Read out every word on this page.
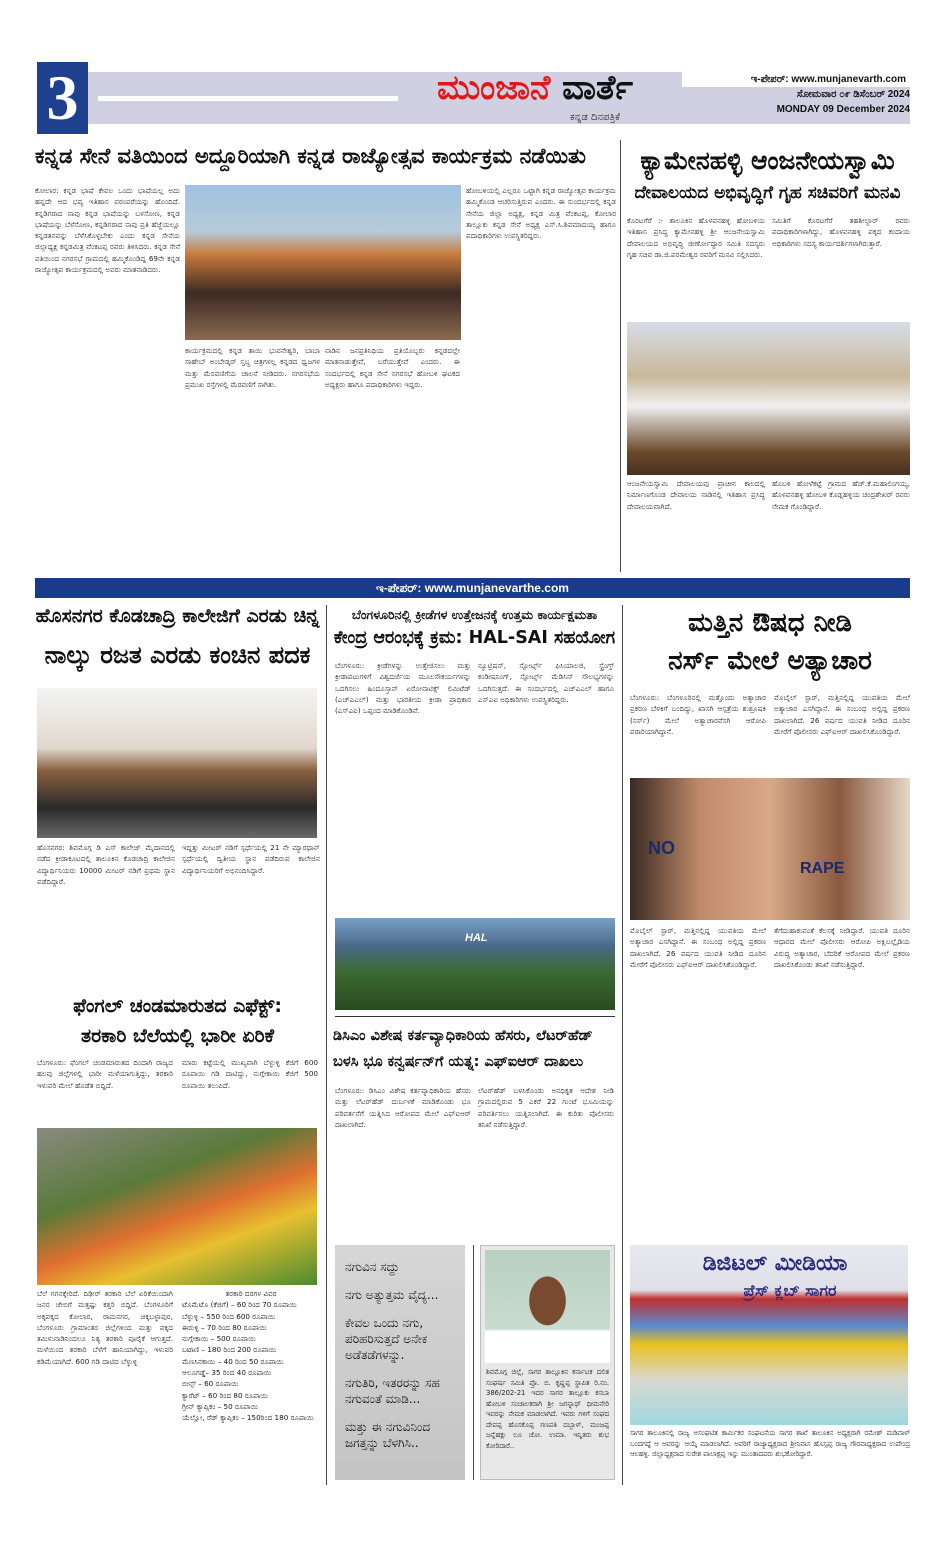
3	ಮುಂಜಾನೆ ವಾರ್ತೆ
ಕನ್ನಡ ದಿನಪತ್ರಿಕೆ
ಇ-ಪೇಪರ್: www.munjanevarth.com
ಸೋಮವಾರ ೦೯ ಡಿಸೆಂಬರ್ 2024
MONDAY 09 December 2024
ಕನ್ನಡ ಸೇನೆ ವತಿಯಿಂದ ಅದ್ದೂರಿಯಾಗಿ ಕನ್ನಡ ರಾಜ್ಯೋತ್ಸವ ಕಾರ್ಯಕ್ರಮ ನಡೆಯಿತು
ಕೋಲಾರ: ಕನ್ನಡ ಭಾಷೆ ಕೇವಲ ಒಂದು ಭಾಷೆಯಲ್ಲ ಅದು ಹನ್ನದೇ ಆದ ಭವ್ಯ ಇತಿಹಾಸ ಪರಂಪರೆಯನ್ನು ಹೊಂದಿದೆ. ಕನ್ನಡಿಗರಾದ ನಾವು ಕನ್ನಡ ಭಾಷೆಯನ್ನು ಬಳಸೋಣ, ಕನ್ನಡ ಭಾಷೆಯನ್ನು ಬೆಳೆಸೋಣ, ಕನ್ನಡಿಗರಾದ ನಾವು ಪ್ರತಿ ಹೆಜ್ಜೆಯಲ್ಲೂ ಕನ್ನಡತನವನ್ನು ಬೆಳೆಸಿಕೊಳ್ಳಬೇಕು ಎಂದು ಕನ್ನಡ ಸೇನೆಯ ಜಿಲ್ಲಾಧ್ಯಕ್ಷ ಕನ್ನಡಮಿತ್ರ ವೆಂಕಟಪ್ಪ ರವರು ತಿಳಿಸಿದರು. ಕನ್ನಡ ಸೇನೆ ವತಿಯಿಂದ ನಗರಸಭೆ ಗ್ರಾಮದಲ್ಲಿ ಹಮ್ಮಿಕೊಂಡಿದ್ದ 69ನೇ ಕನ್ನಡ ರಾಜ್ಯೋತ್ಸವ ಕಾರ್ಯಕ್ರಮದಲ್ಲಿ ಅವರು ಮಾತನಾಡಿದರು.
ಕಾರ್ಯಕ್ರಮದಲ್ಲಿ ಕನ್ನಡ ತಾಯಿ ಭುವನೇಶ್ವರಿ, ಬಾಬಾ ಸಾಹೇಬ್ ಅಂಬೇಡ್ಕರ್ ಸ್ತಬ್ಧ ಚಿತ್ರಗಳಲ್ಲ ಕನ್ನಡದ ಧ್ವಜಗಳ ಮತ್ತು ಮೆರವಣಿಗೆಯ ಚಾಲನೆ ನೀಡಿದರು. ನಗರಸಭೆಯ ಪ್ರಮುಖ ರಸ್ತೆಗಳಲ್ಲಿ ಮೆರವಣಿಗೆ ಸಾಗಿತು.
ನಾಡಿನ ಜನಪ್ರತಿನಿಧಿಯ ಪ್ರತಿಯೊಬ್ಬರು ಕನ್ನಡದಲ್ಲೇ ಮಾತನಾಡುತ್ತೇವೆ, ಬರೆಯುತ್ತೇವೆ ಎಂದರು. ಈ ಸಂದರ್ಭದಲ್ಲಿ ಕನ್ನಡ ಸೇನೆ ನಗರಸಭೆ ಹೋಬಳಿ ಘಟಕದ ಅಧ್ಯಕ್ಷರು ಹಾಗೂ ಪದಾಧಿಕಾರಿಗಳು ಇದ್ದರು.
ಹೋಬಳಿಯಲ್ಲಿ ಎಲ್ಲರೂ ಒಟ್ಟಾಗಿ ಕನ್ನಡ ರಾಜ್ಯೋತ್ಸವ ಕಾರ್ಯಕ್ರಮ ಹಮ್ಮಿಕೊಂಡ ಆಚರಿಸುತ್ತಿರುವ ಎಂದರು. ಈ ಸುಂದರ್ಭದಲ್ಲಿ ಕನ್ನಡ ಸೇನೆಯ ಜಿಲ್ಲಾ ಅಧ್ಯಕ್ಷ, ಕನ್ನಡ ಮಿತ್ರ ವೆಂಕಟಪ್ಪ, ಕೋಲಾರ ತಾಲ್ಲೂಕು ಕನ್ನಡ ಸೇನೆ ಅಧ್ಯಕ್ಷ ಎಸ್.ಸಿ.ಶಿವಮಾದಯ್ಯ ಹಾಗೂ ಪದಾಧಿಕಾರಿಗಳು ಉಪಸ್ಥಿತರಿದ್ದರು.
ಕ್ಯಾಮೇನಹಳ್ಳಿ ಆಂಜನೇಯಸ್ವಾಮಿ
ದೇವಾಲಯದ ಅಭಿವೃದ್ಧಿಗೆ ಗೃಹ ಸಚಿವರಿಗೆ ಮನವಿ
ಕೊರಟಗೆರೆ :- ತಾಲೂಕಿನ ಹೊಳವನಹಳ್ಳಿ ಹೋಬಳಿಯ ಇತಿಹಾಸ ಪ್ರಸಿದ್ಧ ಕ್ಯಾಮೇನಹಳ್ಳಿ ಶ್ರೀ ಆಂಜನೇಯಸ್ವಾಮಿ ದೇವಾಲಯದ ಅಭಿವೃದ್ಧಿ ಜೀರ್ಣೋದ್ಧಾರ ಸಮಿತಿ ಸದಸ್ಯರು ಗೃಹ ಸಚಿವ ಡಾ.ಜಿ.ಪರಮೇಶ್ವರ ರವರಿಗೆ ಮನವಿ ಸಲ್ಲಿಸಿದರು.
ಸಮಿತಿಗೆ ಕೊರಟಗೆರೆ ತಹಶೀಲ್ದಾರ್ ರವರು ಪದಾಧಿಕಾರಿಗಳಾಗಿದ್ದು, ಹೊಳವನಹಳ್ಳಿ ಪಕ್ಕದ ಕಂದಾಯ ಅಧಿಕಾರಿಗಳು ಸದಸ್ಯ ಕಾರ್ಯದರ್ಶಿಗಳಾಗಿರುತ್ತಾರೆ.
ಆಂಜನೇಯಸ್ವಾಮಿ ದೇವಾಲಯವು ಪ್ರಾಚೀನ ಕಾಲದಲ್ಲಿ ನಿರ್ಮಾಣಗೊಂಡ ದೇವಾಲಯ ನಾಡಿನಲ್ಲಿ ಇತಿಹಾಸ ಪ್ರಸಿದ್ಧ ದೇವಾಲಯವಾಗಿದೆ.
ಹೊಬಳಿ ಹೋಳೆಕಟ್ಟೆ ಗ್ರಾಮದ ಹೆಚ್.ಕೆ.ಮಹಾಲಿಂಗಯ್ಯ, ಹೊಳವನಹಳ್ಳಿ ಹೋಬಳಿ ಕೊಡ್ಲಹಳ್ಳಿಯ ಚಂದ್ರಶೇಖರ್ ರವರು ನೇಮಕ ಗೊಂಡಿದ್ದಾರೆ.
ಇ-ಪೇಪರ್: www.munjanevarthe.com
ಹೊಸನಗರ ಕೊಡಚಾದ್ರಿ ಕಾಲೇಜಿಗೆ ಎರಡು ಚಿನ್ನ
ನಾಲ್ಕು ರಜತ ಎರಡು ಕಂಚಿನ ಪದಕ
ಹೊಸನಗರ: ಶಿವಮೊಗ್ಗ ಡಿ ಎಸ್ ಕಾಲೇಜ್ ಮೈದಾನದಲ್ಲಿ ನಡೆದ ಕ್ರೀಡಾಕೂಟದಲ್ಲಿ ತಾಲೂಕಿನ ಕೊಡಚಾದ್ರಿ ಕಾಲೇಜಿನ ವಿದ್ಯಾರ್ಥಿನಿಯರು 10000 ಮೀಟರ್ ನಡಿಗೆ ಪ್ರಥಮ ಸ್ಥಾನ ಪಡೆದಿದ್ದಾರೆ.
ಇದ್ದತ್ತು ಮೀಟರ್ ನಡಿಗೆ ಸ್ಪರ್ಧೆಯಲ್ಲಿ 21 ನೇ ಮ್ಯಾರಥಾನ್ ಸ್ಪರ್ಧೆಯಲ್ಲಿ ದ್ವಿತೀಯ ಸ್ಥಾನ ಪಡೆದಿರುವ ಕಾಲೇಜಿನ ವಿದ್ಯಾರ್ಥಿನಿಯರಿಗೆ ಅಭಿನಂದಿಸಿದ್ದಾರೆ.
ಬೆಂಗಳೂರಿನಲ್ಲಿ ಕ್ರೀಡೆಗಳ ಉತ್ತೇಜನಕ್ಕೆ ಉತ್ತಮ ಕಾರ್ಯಕ್ಷಮತಾ
ಕೇಂದ್ರ ಆರಂಭಕ್ಕೆ ಕ್ರಮ: HAL-SAI ಸಹಯೋಗ
ಬೆಂಗಳೂರು: ಕ್ರೀಡೆಗಳನ್ನು ಉತ್ತೇಜಿಸಲು ಮತ್ತು ಕ್ರೀಡಾಪಟುಗಳಿಗೆ ವಿಶ್ವದರ್ಜೆಯ ಮೂಲಸೌಕರ್ಯಗಳನ್ನು ಒದಗಿಸಲು ಹಿಂದೂಸ್ತಾನ್ ಏರೋನಾಟಿಕ್ಸ್ ಲಿಮಿಟೆಡ್ (ಎಚ್‌ಎಎಲ್) ಮತ್ತು ಭಾರತೀಯ ಕ್ರೀಡಾ ಪ್ರಾಧಿಕಾರ (ಎಸ್‌ಎಐ) ಒಪ್ಪಂದ ಮಾಡಿಕೊಂಡಿವೆ.
ನ್ಯೂಟ್ರಿಷನ್, ಸ್ಪೋರ್ಟ್ಸ್ ಫಿಸಿಯಾಲಜಿ, ಸ್ಟ್ರೆಂಗ್ತ್ ಕಂಡೀಷನಿಂಗ್, ಸ್ಪೋರ್ಟ್ಸ್ ಮೆಡಿಸಿನ್ ಸೌಲಭ್ಯಗಳನ್ನು ಒದಗಿಸುತ್ತದೆ. ಈ ಸಂದರ್ಭದಲ್ಲಿ ಎಚ್‌ಎಎಲ್ ಹಾಗೂ ಎಸ್‌ಎಐ ಅಧಿಕಾರಿಗಳು ಉಪಸ್ಥಿತರಿದ್ದರು.
HAL
ಡಿಸಿಎಂ ವಿಶೇಷ ಕರ್ತವ್ಯಾಧಿಕಾರಿಯ ಹೆಸರು, ಲೆಟರ್‌ಹೆಡ್
ಬಳಸಿ ಭೂ ಕನ್ವರ್ಷನ್‌ಗೆ ಯತ್ನ: ಎಫ್‌ಐಆರ್ ದಾಖಲು
ಬೆಂಗಳೂರು: ಡಿಸಿಎಂ ವಿಶೇಷ ಕರ್ತವ್ಯಾಧಿಕಾರಿಯ ಹೆಸರು ಮತ್ತು ಲೆಟರ್‌ಹೆಡ್ ದುರ್ಬಳಕೆ ಮಾಡಿಕೊಂಡು ಭೂ ಪರಿವರ್ತನೆಗೆ ಯತ್ನಿಸಿದ ಆರೋಪದ ಮೇಲೆ ಎಫ್‌ಐಆರ್ ದಾಖಲಾಗಿದೆ.
ಲೆಟರ್‌ಹೆಡ್ ಬಳಸಿಕೊಂಡು ಅನಧಿಕೃತ ಆದೇಶ ನೀಡಿ ಗ್ರಾಮದಲ್ಲಿರುವ 5 ಎಕರೆ 22 ಗುಂಟೆ ಭೂಮಿಯನ್ನು ಪರಿವರ್ತಿಸಲು ಯತ್ನಿಸಲಾಗಿದೆ. ಈ ಕುರಿತು ಪೊಲೀಸರು ತನಿಖೆ ನಡೆಸುತ್ತಿದ್ದಾರೆ.

ನಗುವಿನ ಸದ್ದು

ನಗು ಅತ್ಯುತ್ತಮ ವೈದ್ಯ...

ಕೇವಲ ಒಂದು ನಗು, ಪರಿಹರಿಸುತ್ತದೆ ಅನೇಕ ಅಡೆತಡೆಗಳನ್ನು.

ನಗುತಿರಿ, ಇತರರನ್ನು ಸಹ ನಗುವಂತೆ ಮಾಡಿ...

ಮತ್ತು ಈ ನಗುವಿನಿಂದ ಜಗತ್ತನ್ನು ಬೆಳಗಿಸಿ..

ಶಿವಮೊಗ್ಗ ಜಿಲ್ಲೆ, ಸಾಗರ ತಾಲ್ಲೂಕಿನ ಕರ್ನಾಟಕ ದಲಿತ ಸಂಘರ್ಷ ಸಮಿತಿ ಪ್ರೊ. ಬಿ. ಕೃಷ್ಣಪ್ಪ ಸ್ಥಾಪಿತ ರಿ.ನಂ. 386/202-21 ಇದರ ಸಾಗರ ತಾಲ್ಲೂಕು ಕಸಬಾ ಹೋಬಳಿ ಸಂಚಾಲಕರಾಗಿ ಶ್ರೀ ಜಗನ್ನಾಥ್ ಧೀಮನೇರಿ ಇವರನ್ನು ನೇಮಕ ಮಾಡಲಾಗಿದೆ. ಇವರು ಗಳಿಗೆ ಸಂಘದ ದೇವಪ್ಪ ಹೊಸಕೊಪ್ಪ ಗಣಪತಿ ದಬ್ಬಾಳ್, ಮಂಜಪ್ಪ ಜನ್ನೆಹಕ್ಲು ಲೂ ಚೋ. ಉಮಾ. ಇನ್ನಿತರು ಶುಭ ಕೋರಿದಾರೆ..
ಮತ್ತಿನ ಔಷಧ ನೀಡಿ
ನರ್ಸ್ ಮೇಲೆ ಅತ್ಯಾಚಾರ
ಬೆಂಗಳೂರು: ಬೆಂಗಳೂರಿನಲ್ಲಿ ಮತ್ತೊಂದು ಅತ್ಯಾಚಾರ ಪ್ರಕರಣ ಬೆಳಕಿಗೆ ಬಂದಿದ್ದು, ಖಾಸಗಿ ಆಸ್ಪತ್ರೆಯ ಶುಶ್ರೂಷಕಿ (ನರ್ಸ್) ಮೇಲೆ ಅತ್ಯಾಚಾರವೆಸಗಿ ಆರೋಪಿ ಪರಾರಿಯಾಗಿದ್ದಾನೆ.
ಮೊಬೈಲ್ ಸ್ಟಾರ್, ಮತ್ತಿನಲ್ಲಿದ್ದ ಯುವತಿಯ ಮೇಲೆ ಅತ್ಯಾಚಾರ ಎಸಗಿದ್ದಾನೆ. ಈ ಸಂಬಂಧ ಅಲ್ಲಿದ್ದ ಪ್ರಕರಣ ದಾಖಲಾಗಿದೆ. 26 ವರ್ಷದ ಯುವತಿ ನೀಡಿದ ದೂರಿನ ಮೇರೆಗೆ ಪೊಲೀಸರು ಎಫ್‌ಐಆರ್ ದಾಖಲಿಸಿಕೊಂಡಿದ್ದಾರೆ.
NO
RAPE
ಮೊಬೈಲ್ ಸ್ಟಾರ್, ಮತ್ತಿನಲ್ಲಿದ್ದ ಯುವತಿಯ ಮೇಲೆ ಅತ್ಯಾಚಾರ ಎಸಗಿದ್ದಾನೆ. ಈ ಸಂಬಂಧ ಅಲ್ಲಿದ್ದ ಪ್ರಕರಣ ದಾಖಲಾಗಿದೆ. 26 ವರ್ಷದ ಯುವತಿ ನೀಡಿದ ದೂರಿನ ಮೇರೆಗೆ ಪೊಲೀಸರು ಎಫ್‌ಐಆರ್ ದಾಖಲಿಸಿಕೊಂಡಿದ್ದಾರೆ.
ತೆಗೆದುಹಾಕುವಂತೆ ಕೆಲಸಕ್ಕೆ ನೀಡಿದ್ದಾರೆ. ಯುವತಿ ದೂರಿನ ಆಧಾರದ ಮೇಲೆ ಪೊಲೀಸರು ಆರೋಪಿ ಅಕ್ಷಿಬಲ್ಲೈಡಿಯ ವಿರುದ್ಧ ಅತ್ಯಾಚಾರ, ಬೆದರಿಕೆ ಆರೋಪದ ಮೇಲೆ ಪ್ರಕರಣ ದಾಖಲಿಸಿಕೊಂಡು ತನಿಖೆ ನಡೆಸುತ್ತಿದ್ದಾರೆ.
ಡಿಜಿಟಲ್ ಮೀಡಿಯಾ
ಪ್ರೆಸ್ ಕ್ಲಬ್ ಸಾಗರ
ಸಾಗರ ತಾಲೂಕಿನಲ್ಲಿ ರಾಜ್ಯ ಅಸಂಘಟಿತ ಕಾರ್ಮಿಕರ ಸಂಘಟನೆಯ ಸಾಗರ ಶಾಖೆ ತಾಲೂಕಿನ ಅಧ್ಯಕ್ಷರಾಗಿ ರಮೇಶ್ ಮಡಿವಾಳ್ ಬಂದಗದ್ದೆ ಆ ಅವರನ್ನು ಆಯ್ಕೆ ಮಾಡಲಾಗಿದೆ. ಅವರಿಗೆ ರಾಜ್ಯಾಧ್ಯಕ್ಷರಾದ ಶ್ರೀನಿವಾಸ ಹೊಸ್ಸಪ್ಪ ರಾಜ್ಯ ಗೌರವಾಧ್ಯಕ್ಷರಾದ ಉಪೇಂದ್ರ ಆಲಹಳ್ಳಿ. ಜಿಲ್ಲಾಧ್ಯಕ್ಷರಾದ ಸುರೇಶ ಪಾಲಾಕ್ಷಪ್ಪ ಇನ್ನು ಮುಂತಾದವರು ಶುಭಕೋರಿದ್ದಾರೆ.
ಫೆಂಗಲ್ ಚಂಡಮಾರುತದ ಎಫೆಕ್ಟ್:
ತರಕಾರಿ ಬೆಲೆಯಲ್ಲಿ ಭಾರೀ ಏರಿಕೆ
ಬೆಂಗಳೂರು: ಫೆಂಗಲ್ ಚಂಡಮಾರುತದ ದಿಂದಾಗಿ ರಾಜ್ಯದ ಹಲವು ಜಿಲ್ಲೆಗಳಲ್ಲಿ ಭಾರೀ ಮಳೆಯಾಗುತ್ತಿದ್ದು, ತರಕಾರಿ ಇಳುವರಿ ಮೇಲೆ ಹೊಡೆತ ಬಿದ್ದಿದೆ.
ಮಾರು ಕಟ್ಟೆಯಲ್ಲಿ ಮುಖ್ಯವಾಗಿ ಬೆಳ್ಳುಳ್ಳಿ ಕೆಜಿಗೆ 600 ರೂಪಾಯಿ ಗಡಿ ದಾಟಿದ್ದು, ನುಗ್ಗೇಕಾಯಿ ಕೆಜಿಗೆ 500 ರೂಪಾಯಿ ತಲುಪಿದೆ.
ಬೆಲೆ ಗಗನಕ್ಕೇರಿದೆ. ದಿಢೀರ್ ತರಕಾರಿ ಬೆಲೆ ಏರಿಕೆಯಿಂದಾಗಿ ಜನರ ಜೇಬಿಗೆ ಮತ್ತಷ್ಟು ಕತ್ತರಿ ಬಿದ್ದಿದೆ. ಬೆಂಗಳೂರಿಗೆ ಅಕ್ಕಪಕ್ಕದ ಕೋಲಾರ, ರಾಮನಗರ, ಚಿಕ್ಕಬಳ್ಳಾಪುರ, ಬೆಂಗಳೂರು ಗ್ರಾಮಾಂತರ ಜಿಲ್ಲೆಗಳಿಂದ ಮತ್ತು ಪಕ್ಕದ ತಮಿಳುನಾಡಿನಿಂದಲೂ ನಿತ್ಯ ತರಕಾರಿ ಪೂರೈಕೆ ಆಗುತ್ತದೆ. ಮಳೆಯಿಂದ ತರಕಾರಿ ಬೆಳೆಗೆ ಹಾನಿಯಾಗಿದ್ದು, ಇಳುವರಿ ಕಡಿಮೆಯಾಗಿದೆ. 600 ಗಡಿ ದಾಟಿದ ಬೆಳ್ಳುಳ್ಳಿ
ತರಕಾರಿ ದರಗಳ ವಿವರ
ಟೊಮೆಟೊ (ಕೆಜಿಗೆ) – 60 ರಿಂದ 70 ರೂಪಾಯಿ
ಬೆಳ್ಳುಳ್ಳಿ – 550 ರಿಂದ 600 ರೂಪಾಯಿ
ಈರುಳ್ಳಿ – 70 ರಿಂದ 80 ರೂಪಾಯಿ
ನುಗ್ಗೇಕಾಯಿ – 500 ರೂಪಾಯಿ
ಬಟಾಣಿ – 180 ರಿಂದ 200 ರೂಪಾಯಿ
ಮೆಣಸಿನಕಾಯಿ – 40 ರಿಂದ 50 ರೂಪಾಯಿ
ಆಲೂಗಡ್ಡೆ– 35 ರಿಂದ 40 ರೂಪಾಯಿ
ಬೀನ್ಸ್ – 60 ರೂಪಾಯಿ
ಕ್ಯಾರೆಟ್ – 60 ರಿಂದ 80 ರೂಪಾಯಿ
ಗ್ರೀನ್ ಕ್ಯಾಪ್ಸಿಕಂ – 50 ರೂಪಾಯಿ
ಯೆಲ್ಲೋ, ರೆಡ್ ಕ್ಯಾಪ್ಸಿಕಂ – 150ರಿಂದ 180 ರೂಪಾಯಿ
